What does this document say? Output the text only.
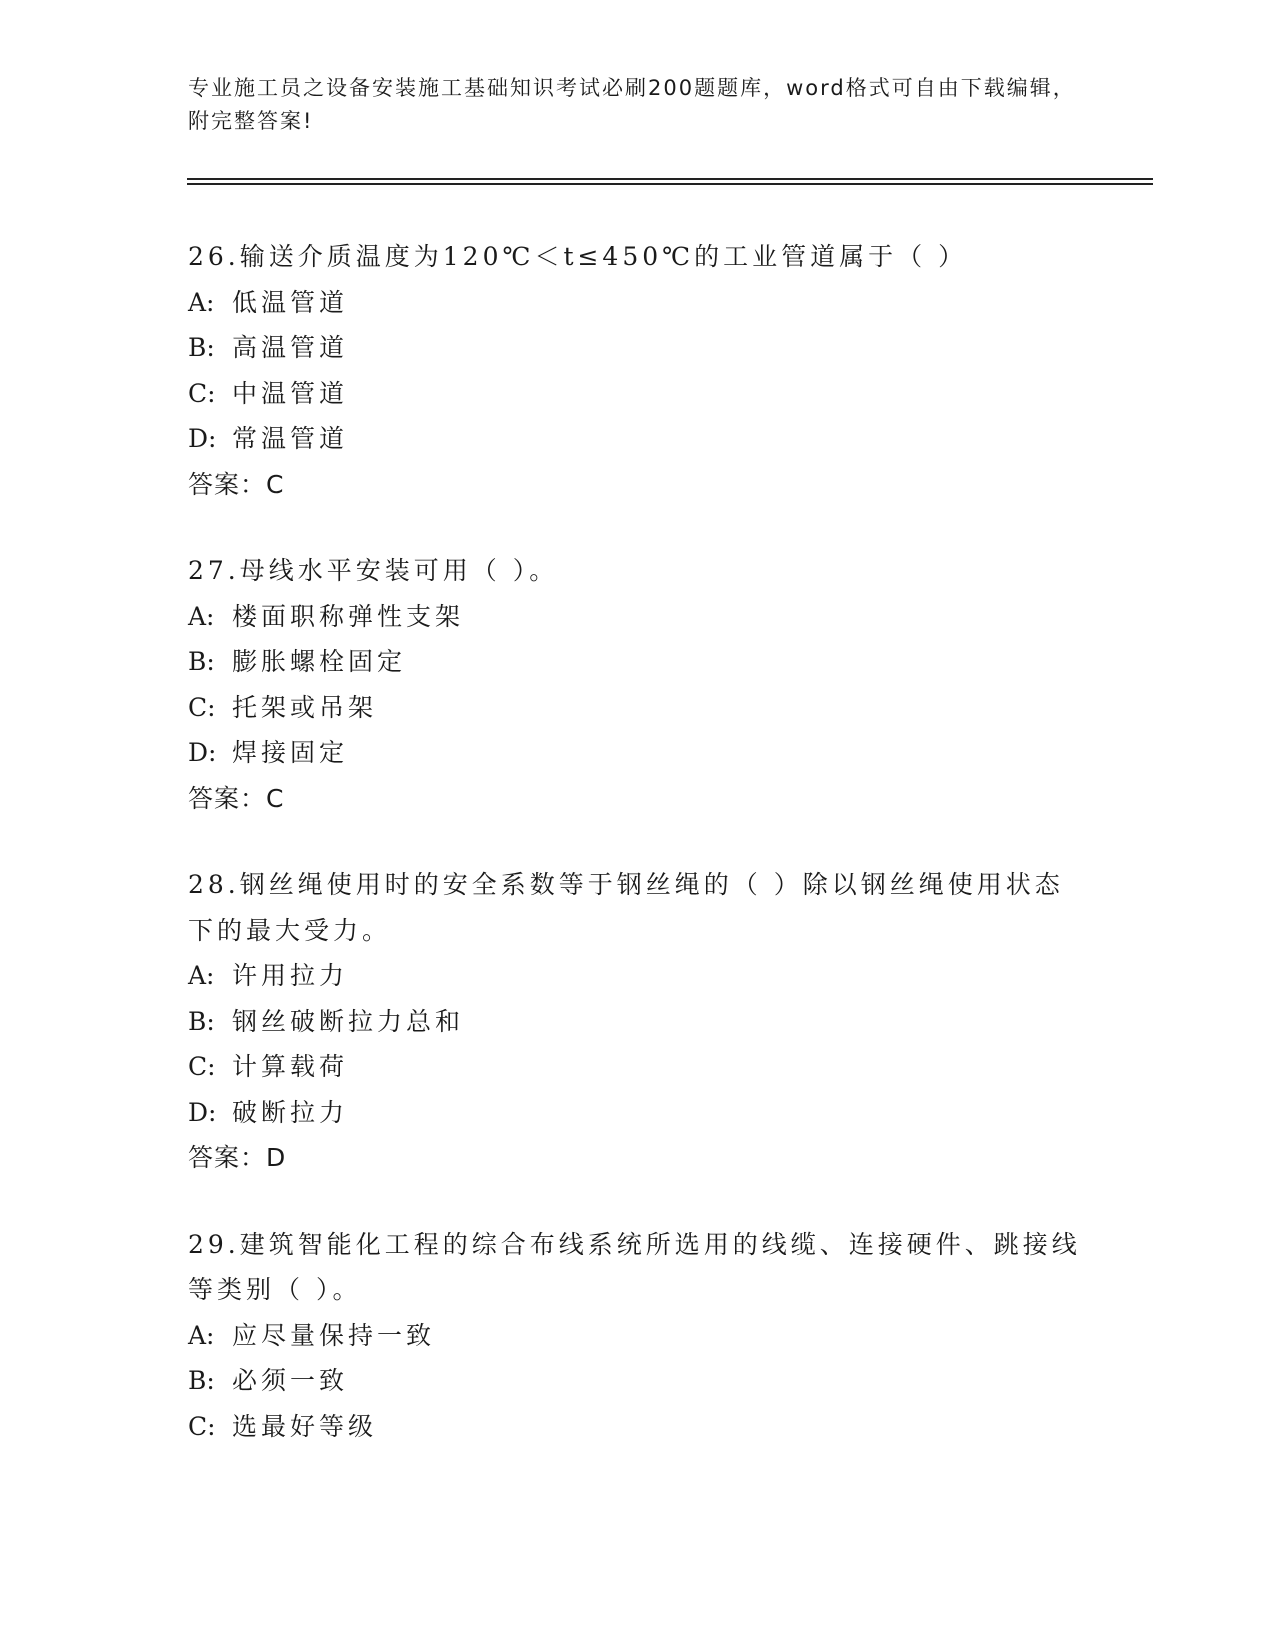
专业施工员之设备安装施工基础知识考试必刷200题题库，word格式可自由下载编辑，附完整答案!
26.输送介质温度为120℃＜t≤450℃的工业管道属于（ ）
A: 低温管道
B: 高温管道
C: 中温管道
D: 常温管道
答案：C
27.母线水平安装可用（ ）。
A: 楼面职称弹性支架
B: 膨胀螺栓固定
C: 托架或吊架
D: 焊接固定
答案：C
28.钢丝绳使用时的安全系数等于钢丝绳的（ ）除以钢丝绳使用状态下的最大受力。
A: 许用拉力
B: 钢丝破断拉力总和
C: 计算载荷
D: 破断拉力
答案：D
29.建筑智能化工程的综合布线系统所选用的线缆、连接硬件、跳接线等类别（ ）。
A: 应尽量保持一致
B: 必须一致
C: 选最好等级
